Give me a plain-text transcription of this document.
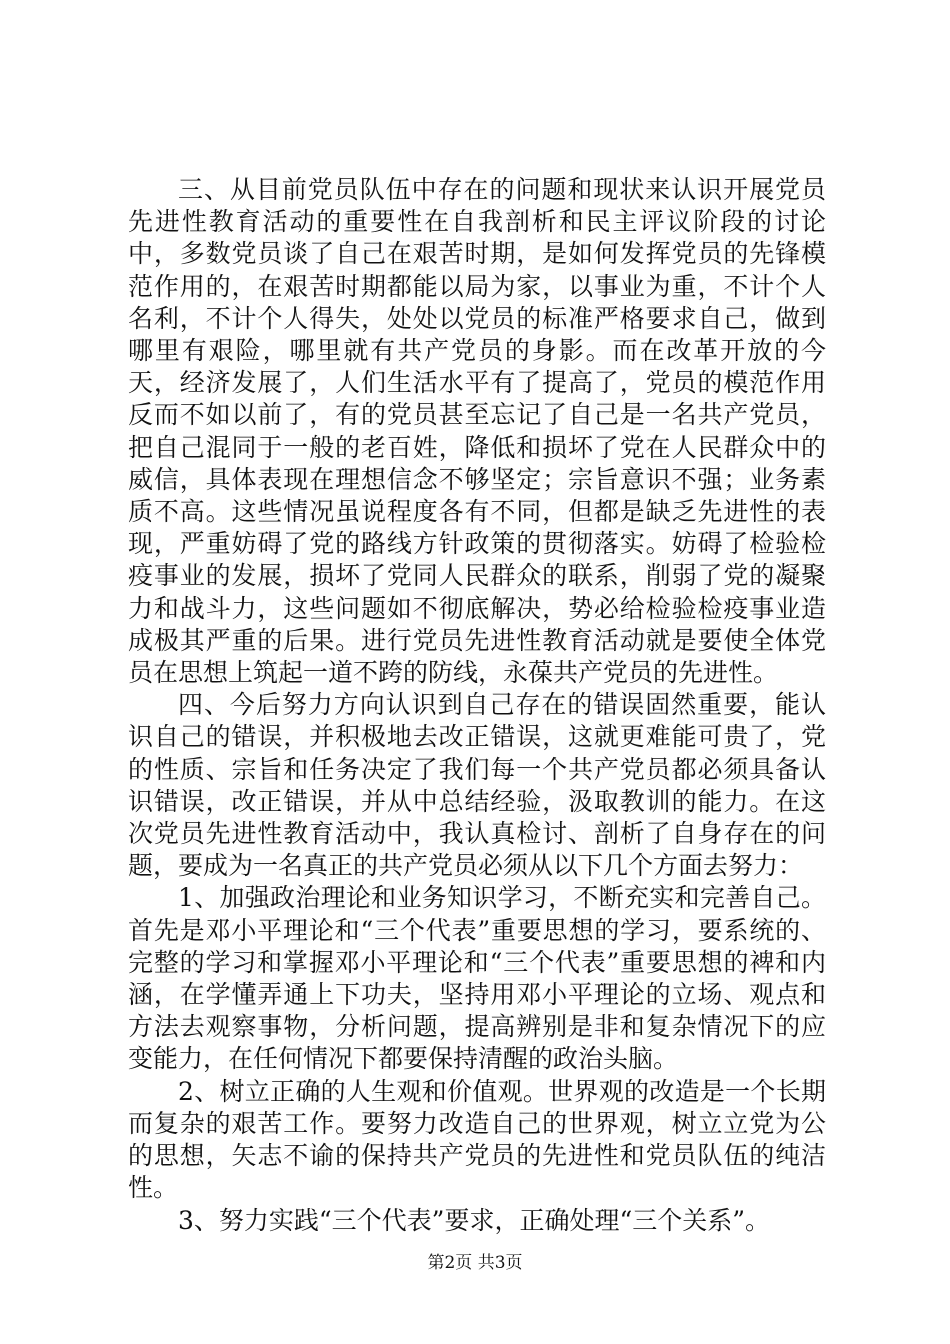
三、从目前党员队伍中存在的问题和现状来认识开展党员先进性教育活动的重要性在自我剖析和民主评议阶段的讨论中，多数党员谈了自己在艰苦时期，是如何发挥党员的先锋模范作用的，在艰苦时期都能以局为家，以事业为重，不计个人名利，不计个人得失，处处以党员的标准严格要求自己，做到哪里有艰险，哪里就有共产党员的身影。而在改革开放的今天，经济发展了，人们生活水平有了提高了，党员的模范作用反而不如以前了，有的党员甚至忘记了自己是一名共产党员，把自己混同于一般的老百姓，降低和损坏了党在人民群众中的威信，具体表现在理想信念不够坚定；宗旨意识不强；业务素质不高。这些情况虽说程度各有不同，但都是缺乏先进性的表现，严重妨碍了党的路线方针政策的贯彻落实。妨碍了检验检疫事业的发展，损坏了党同人民群众的联系，削弱了党的凝聚力和战斗力，这些问题如不彻底解决，势必给检验检疫事业造成极其严重的后果。进行党员先进性教育活动就是要使全体党员在思想上筑起一道不跨的防线，永葆共产党员的先进性。

四、今后努力方向认识到自己存在的错误固然重要，能认识自己的错误，并积极地去改正错误，这就更难能可贵了，党的性质、宗旨和任务决定了我们每一个共产党员都必须具备认识错误，改正错误，并从中总结经验，汲取教训的能力。在这次党员先进性教育活动中，我认真检讨、剖析了自身存在的问题，要成为一名真正的共产党员必须从以下几个方面去努力：

1、加强政治理论和业务知识学习，不断充实和完善自己。首先是邓小平理论和“三个代表”重要思想的学习，要系统的、完整的学习和掌握邓小平理论和“三个代表”重要思想的裨和内涵，在学懂弄通上下功夫，坚持用邓小平理论的立场、观点和方法去观察事物，分析问题，提高辨别是非和复杂情况下的应变能力，在任何情况下都要保持清醒的政治头脑。

2、树立正确的人生观和价值观。世界观的改造是一个长期而复杂的艰苦工作。要努力改造自己的世界观，树立立党为公的思想，矢志不谕的保持共产党员的先进性和党员队伍的纯洁性。

3、努力实践“三个代表”要求，正确处理“三个关系”。

第2页 共3页
